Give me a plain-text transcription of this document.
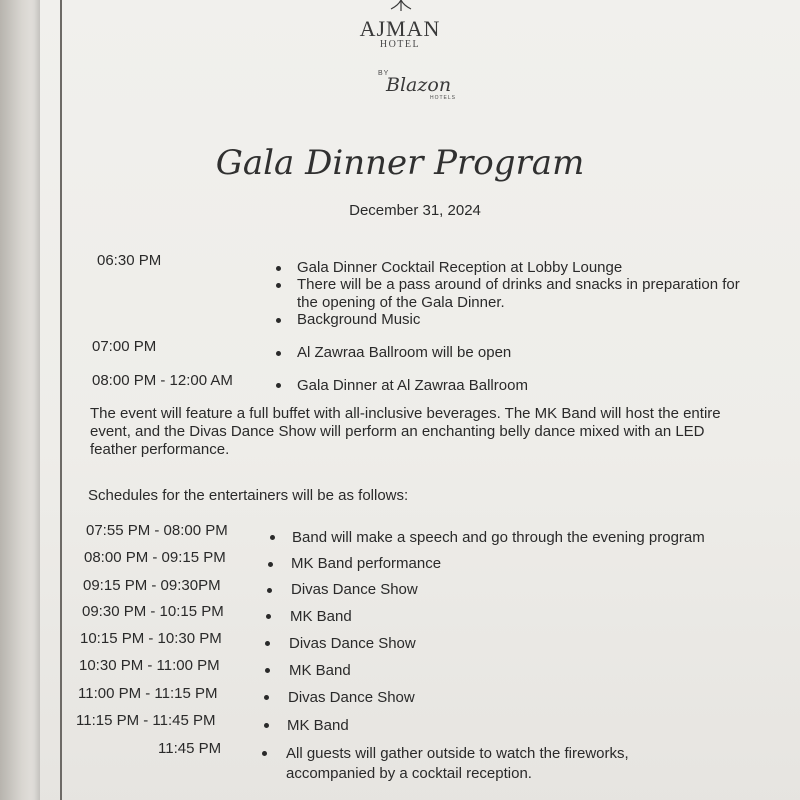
AJMAN
HOTEL
BY
Blazon
HOTELS
Gala Dinner Program
December 31, 2024
06:30 PM	Gala Dinner Cocktail Reception at Lobby Lounge
There will be a pass around of drinks and snacks in preparation for
the opening of the Gala Dinner.
Background Music
07:00 PM	Al Zawraa Ballroom will be open
08:00 PM - 12:00 AM	Gala Dinner at Al Zawraa Ballroom
The event will feature a full buffet with all-inclusive beverages. The MK Band will host the entire
event, and the Divas Dance Show will perform an enchanting belly dance mixed with an LED
feather performance.
Schedules for the entertainers will be as follows:
07:55 PM - 08:00 PM	Band will make a speech and go through the evening program
08:00 PM - 09:15 PM	MK Band performance
09:15 PM - 09:30PM	Divas Dance Show
09:30 PM - 10:15 PM	MK Band
10:15 PM - 10:30 PM	Divas Dance Show
10:30 PM - 11:00 PM	MK Band
11:00 PM - 11:15 PM	Divas Dance Show
11:15 PM - 11:45 PM	MK Band
11:45 PM	All guests will gather outside to watch the fireworks,
accompanied by a cocktail reception.
